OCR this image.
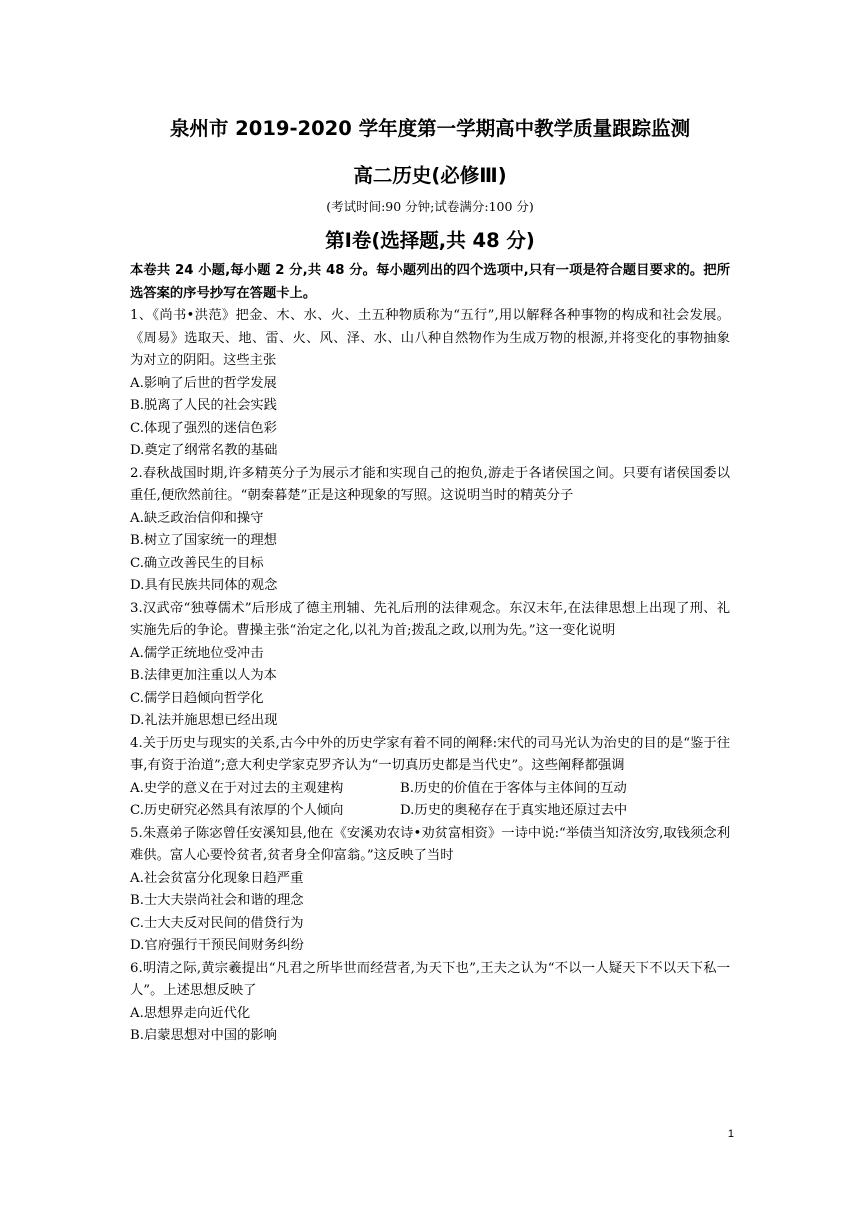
泉州市 2019-2020 学年度第一学期高中教学质量跟踪监测
高二历史(必修Ⅲ)
(考试时间:90 分钟;试卷满分:100 分)
第Ⅰ卷(选择题,共 48 分)
本卷共 24 小题,每小题 2 分,共 48 分。每小题列出的四个选项中,只有一项是符合题目要求的。把所选答案的序号抄写在答题卡上。
1、《尚书•洪范》把金、木、水、火、土五种物质称为“五行”,用以解释各种事物的构成和社会发展。《周易》选取天、地、雷、火、风、泽、水、山八种自然物作为生成万物的根源,并将变化的事物抽象为对立的阴阳。这些主张
A.影响了后世的哲学发展
B.脱离了人民的社会实践
C.体现了强烈的迷信色彩
D.奠定了纲常名教的基础
2.春秋战国时期,许多精英分子为展示才能和实现自己的抱负,游走于各诸侯国之间。只要有诸侯国委以重任,便欣然前往。“朝秦暮楚”正是这种现象的写照。这说明当时的精英分子
A.缺乏政治信仰和操守
B.树立了国家统一的理想
C.确立改善民生的目标
D.具有民族共同体的观念
3.汉武帝“独尊儒术”后形成了德主刑辅、先礼后刑的法律观念。东汉末年,在法律思想上出现了刑、礼实施先后的争论。曹操主张“治定之化,以礼为首;拨乱之政,以刑为先。”这一变化说明
A.儒学正统地位受冲击
B.法律更加注重以人为本
C.儒学日趋倾向哲学化
D.礼法并施思想已经出现
4.关于历史与现实的关系,古今中外的历史学家有着不同的阐释:宋代的司马光认为治史的目的是“鉴于往事,有资于治道”;意大利史学家克罗齐认为“一切真历史都是当代史”。这些阐释都强调
A.史学的意义在于对过去的主观建构	B.历史的价值在于客体与主体间的互动
C.历史研究必然具有浓厚的个人倾向	D.历史的奥秘存在于真实地还原过去中
5.朱熹弟子陈宓曾任安溪知县,他在《安溪劝农诗•劝贫富相资》一诗中说:“举债当知济汝穷,取钱须念利难供。富人心要怜贫者,贫者身全仰富翁。”这反映了当时
A.社会贫富分化现象日趋严重
B.士大夫崇尚社会和谐的理念
C.士大夫反对民间的借贷行为
D.官府强行干预民间财务纠纷
6.明清之际,黄宗羲提出“凡君之所毕世而经营者,为天下也”,王夫之认为“不以一人疑天下不以天下私一人”。上述思想反映了
A.思想界走向近代化
B.启蒙思想对中国的影响
1
